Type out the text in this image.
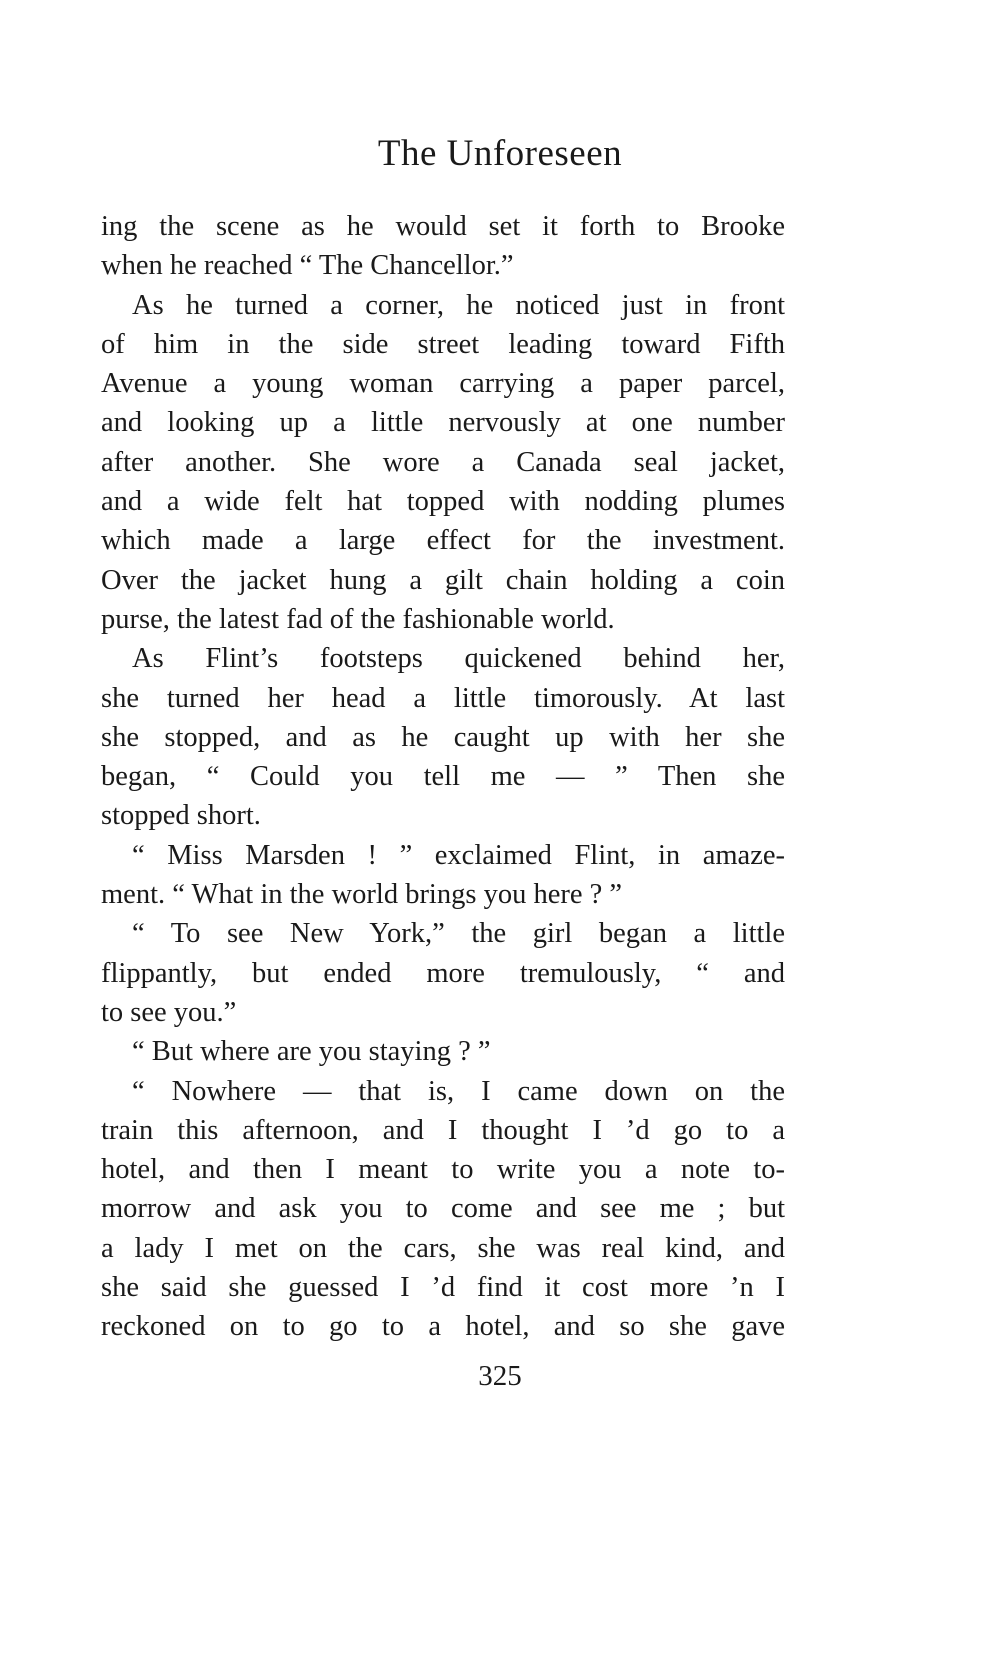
The Unforeseen
ing the scene as he would set it forth to Brooke
when he reached “ The Chancellor.”
As he turned a corner, he noticed just in front
of him in the side street leading toward Fifth
Avenue a young woman carrying a paper parcel,
and looking up a little nervously at one number
after another. She wore a Canada seal jacket,
and a wide felt hat topped with nodding plumes
which made a large effect for the investment.
Over the jacket hung a gilt chain holding a coin
purse, the latest fad of the fashionable world.
As Flint’s footsteps quickened behind her,
she turned her head a little timorously. At last
she stopped, and as he caught up with her she
began, “ Could you tell me — ” Then she
stopped short.
“ Miss Marsden ! ” exclaimed Flint, in amaze-
ment. “ What in the world brings you here ? ”
“ To see New York,” the girl began a little
flippantly, but ended more tremulously, “ and
to see you.”
“ But where are you staying ? ”
“ Nowhere — that is, I came down on the
train this afternoon, and I thought I ’d go to a
hotel, and then I meant to write you a note to-
morrow and ask you to come and see me ; but
a lady I met on the cars, she was real kind, and
she said she guessed I ’d find it cost more ’n I
reckoned on to go to a hotel, and so she gave
325
